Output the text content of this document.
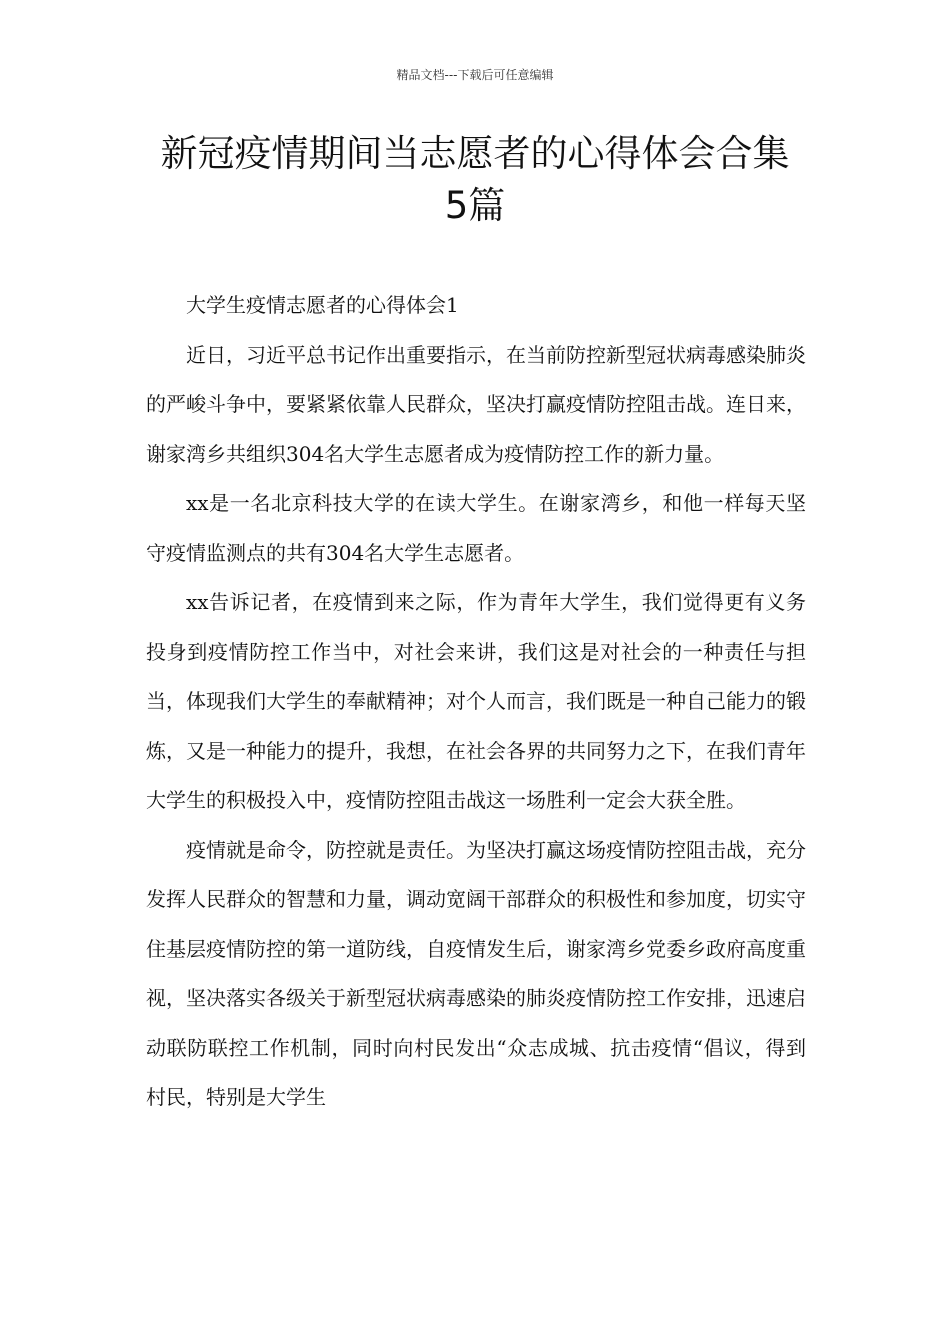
精品文档---下载后可任意编辑
新冠疫情期间当志愿者的心得体会合集
5篇

大学生疫情志愿者的心得体会1

近日，习近平总书记作出重要指示，在当前防控新型冠状病毒感染肺炎的严峻斗争中，要紧紧依靠人民群众，坚决打赢疫情防控阻击战。连日来，谢家湾乡共组织304名大学生志愿者成为疫情防控工作的新力量。

xx是一名北京科技大学的在读大学生。在谢家湾乡，和他一样每天坚守疫情监测点的共有304名大学生志愿者。

xx告诉记者，在疫情到来之际，作为青年大学生，我们觉得更有义务投身到疫情防控工作当中，对社会来讲，我们这是对社会的一种责任与担当，体现我们大学生的奉献精神；对个人而言，我们既是一种自己能力的锻炼，又是一种能力的提升，我想，在社会各界的共同努力之下，在我们青年大学生的积极投入中，疫情防控阻击战这一场胜利一定会大获全胜。

疫情就是命令，防控就是责任。为坚决打赢这场疫情防控阻击战，充分发挥人民群众的智慧和力量，调动宽阔干部群众的积极性和参加度，切实守住基层疫情防控的第一道防线，自疫情发生后，谢家湾乡党委乡政府高度重视，坚决落实各级关于新型冠状病毒感染的肺炎疫情防控工作安排，迅速启动联防联控工作机制，同时向村民发出“众志成城、抗击疫情“倡议，得到村民，特别是大学生
